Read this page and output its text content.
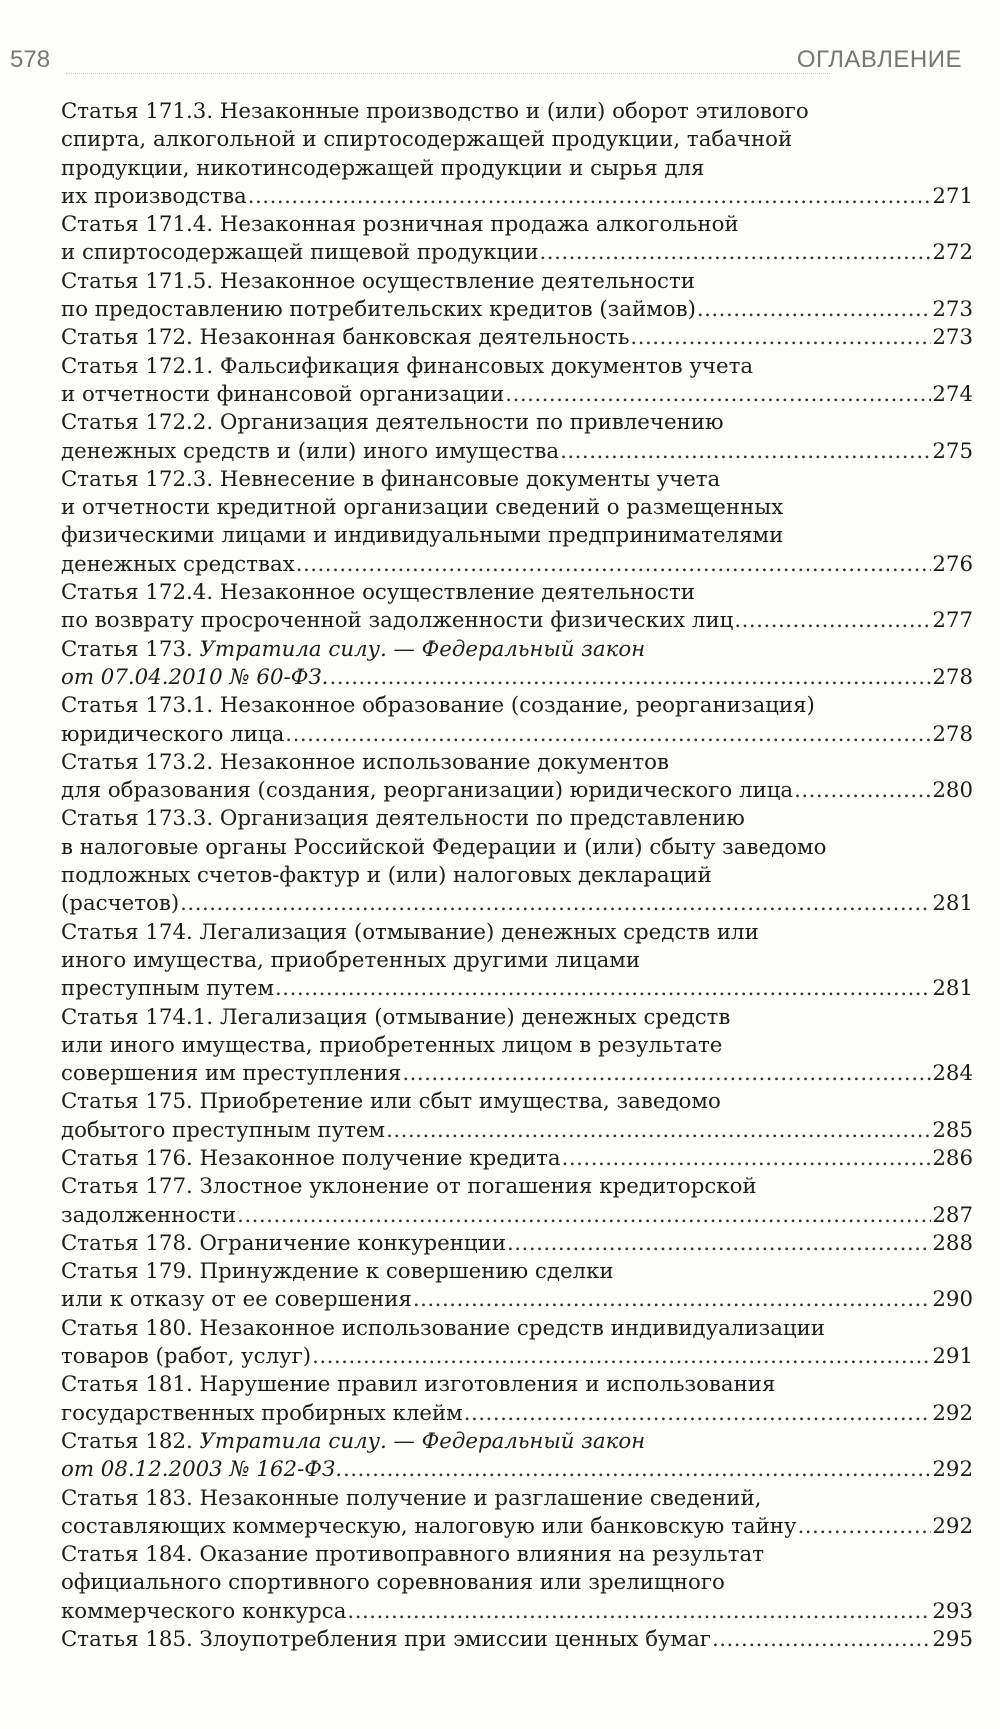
578	ОГЛАВЛЕНИЕ
Статья 171.3. Незаконные производство и (или) оборот этилового
спирта, алкогольной и спиртосодержащей продукции, табачной
продукции, никотинсодержащей продукции и сырья для
их производства .....	271
Статья 171.4. Незаконная розничная продажа алкогольной
и спиртосодержащей пищевой продукции .....	272
Статья 171.5. Незаконное осуществление деятельности
по предоставлению потребительских кредитов (займов) .....	273
Статья 172. Незаконная банковская деятельность .....	273
Статья 172.1. Фальсификация финансовых документов учета
и отчетности финансовой организации .....	274
Статья 172.2. Организация деятельности по привлечению
денежных средств и (или) иного имущества .....	275
Статья 172.3. Невнесение в финансовые документы учета
и отчетности кредитной организации сведений о размещенных
физическими лицами и индивидуальными предпринимателями
денежных средствах .....	276
Статья 172.4. Незаконное осуществление деятельности
по возврату просроченной задолженности физических лиц .....	277
Статья 173. Утратила силу. — Федеральный закон
от 07.04.2010 № 60-ФЗ. .....	278
Статья 173.1. Незаконное образование (создание, реорганизация)
юридического лица .....	278
Статья 173.2. Незаконное использование документов
для образования (создания, реорганизации) юридического лица .....	280
Статья 173.3. Организация деятельности по представлению
в налоговые органы Российской Федерации и (или) сбыту заведомо
подложных счетов-фактур и (или) налоговых деклараций
(расчетов) .....	281
Статья 174. Легализация (отмывание) денежных средств или
иного имущества, приобретенных другими лицами
преступным путем .....	281
Статья 174.1. Легализация (отмывание) денежных средств
или иного имущества, приобретенных лицом в результате
совершения им преступления .....	284
Статья 175. Приобретение или сбыт имущества, заведомо
добытого преступным путем .....	285
Статья 176. Незаконное получение кредита .....	286
Статья 177. Злостное уклонение от погашения кредиторской
задолженности .....	287
Статья 178. Ограничение конкуренции .....	288
Статья 179. Принуждение к совершению сделки
или к отказу от ее совершения .....	290
Статья 180. Незаконное использование средств индивидуализации
товаров (работ, услуг) .....	291
Статья 181. Нарушение правил изготовления и использования
государственных пробирных клейм .....	292
Статья 182. Утратила силу. — Федеральный закон
от 08.12.2003 № 162-ФЗ. .....	292
Статья 183. Незаконные получение и разглашение сведений,
составляющих коммерческую, налоговую или банковскую тайну .....	292
Статья 184. Оказание противоправного влияния на результат
официального спортивного соревнования или зрелищного
коммерческого конкурса .....	293
Статья 185. Злоупотребления при эмиссии ценных бумаг .....	295
